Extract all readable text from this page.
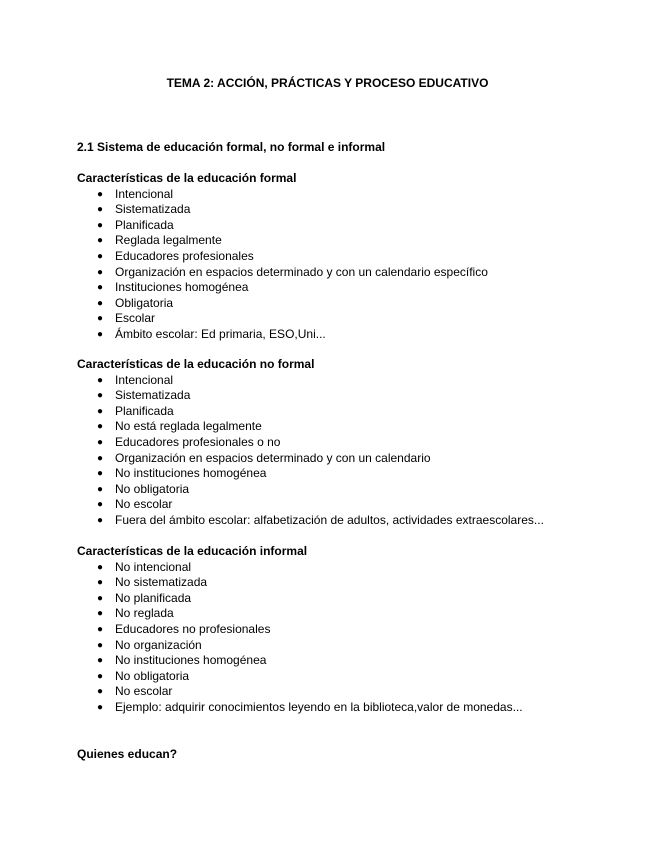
TEMA 2: ACCIÓN, PRÁCTICAS Y PROCESO EDUCATIVO
2.1 Sistema de educación formal, no formal e informal
Características de la educación formal
● Intencional
● Sistematizada
● Planificada
● Reglada legalmente
● Educadores profesionales
● Organización en espacios determinado y con un calendario específico
● Instituciones homogénea
● Obligatoria
● Escolar
● Ámbito escolar: Ed primaria, ESO,Uni...
Características de la educación no formal
● Intencional
● Sistematizada
● Planificada
● No está reglada legalmente
● Educadores profesionales o no
● Organización en espacios determinado y con un calendario
● No instituciones homogénea
● No obligatoria
● No escolar
● Fuera del ámbito escolar: alfabetización de adultos, actividades extraescolares...
Características de la educación informal
● No intencional
● No sistematizada
● No planificada
● No reglada
● Educadores no profesionales
● No organización
● No instituciones homogénea
● No obligatoria
● No escolar
● Ejemplo: adquirir conocimientos leyendo en la biblioteca,valor de monedas...
Quienes educan?
